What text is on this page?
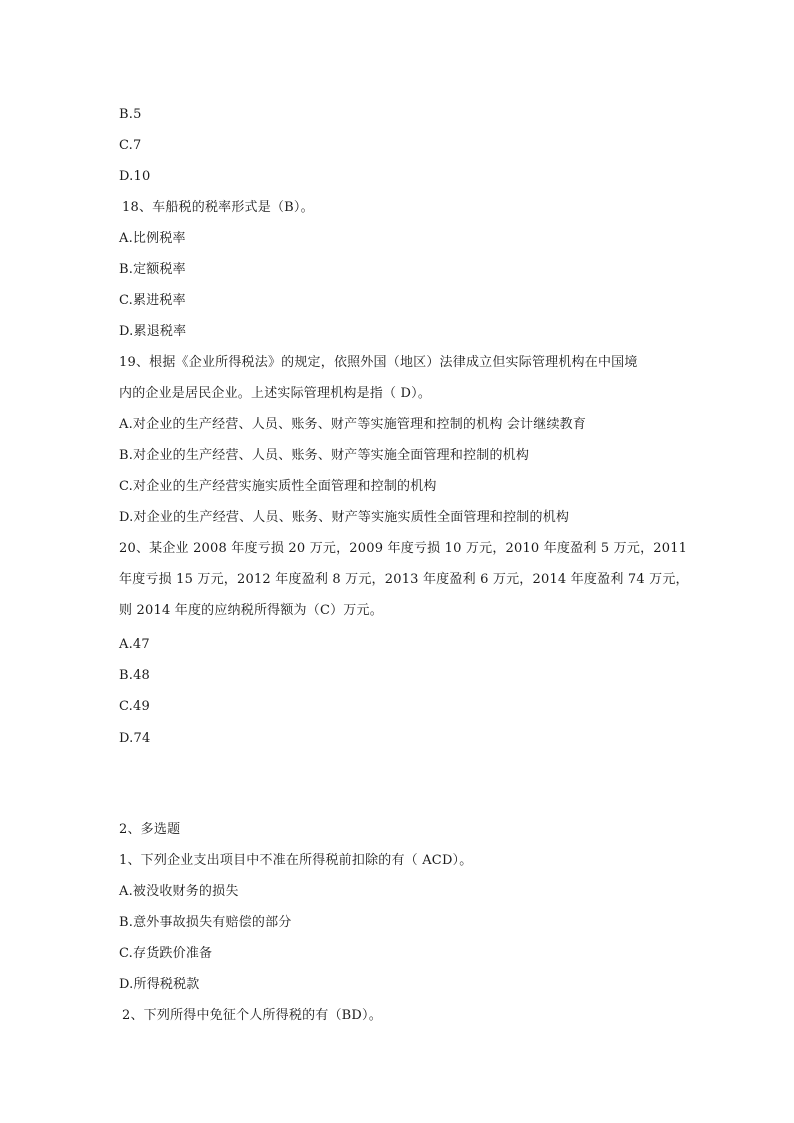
B.5
C.7
D.10
18、车船税的税率形式是（B）。
A.比例税率
B.定额税率
C.累进税率
D.累退税率
19、根据《企业所得税法》的规定，依照外国（地区）法律成立但实际管理机构在中国境
内的企业是居民企业。上述实际管理机构是指（ D）。
A.对企业的生产经营、人员、账务、财产等实施管理和控制的机构 会计继续教育
B.对企业的生产经营、人员、账务、财产等实施全面管理和控制的机构
C.对企业的生产经营实施实质性全面管理和控制的机构
D.对企业的生产经营、人员、账务、财产等实施实质性全面管理和控制的机构
20、某企业 2008 年度亏损 20 万元，2009 年度亏损 10 万元，2010 年度盈利 5 万元，2011
年度亏损 15 万元，2012 年度盈利 8 万元，2013 年度盈利 6 万元，2014 年度盈利 74 万元，
则 2014 年度的应纳税所得额为（C）万元。
A.47
B.48
C.49
D.74
2、多选题
1、下列企业支出项目中不准在所得税前扣除的有（ ACD）。
A.被没收财务的损失
B.意外事故损失有赔偿的部分
C.存货跌价准备
D.所得税税款
2、下列所得中免征个人所得税的有（BD）。
